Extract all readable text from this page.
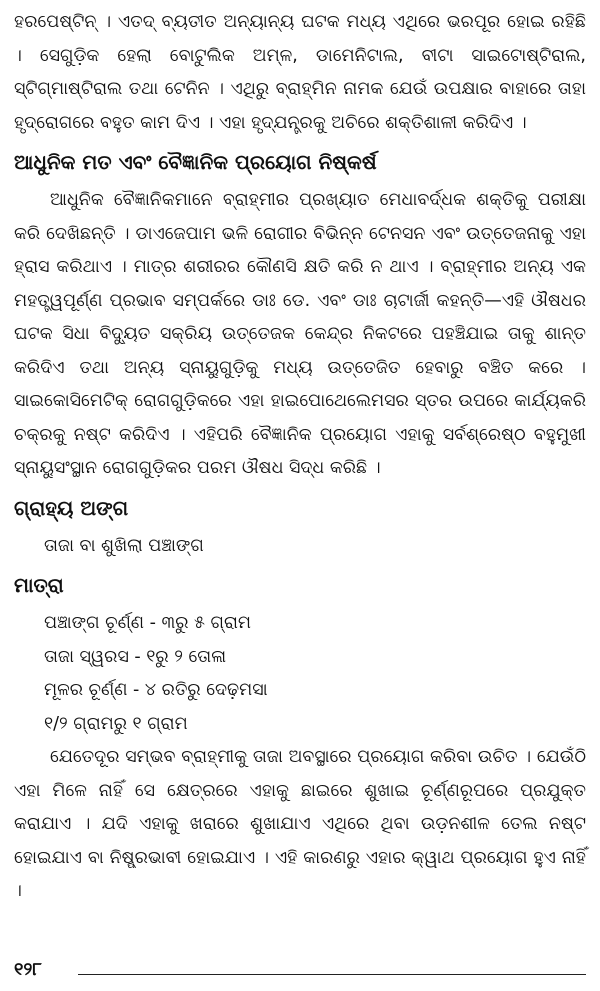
ହରପେଷ୍ଟିନ୍ । ଏତଦ୍ ବ୍ୟତୀତ ଅନ୍ୟାନ୍ୟ ଘଟକ ମଧ୍ୟ ଏଥିରେ ଭରପୂର ହୋଇ ରହିଛି । ସେଗୁଡ଼ିକ ହେଲା ବୋଟୁଲିକ ଅମ୍ଳ, ଡାମେନିଟାଲ, ବୀଟା ସାଇଟୋଷ୍ଟିରାଲ, ସ୍ଟିଗ୍ମାଷ୍ଟିରାଲ ତଥା ଟେନିନ । ଏଥିରୁ ବ୍ରାହ୍ମିନ ନାମକ ଯେଉଁ ଉପକ୍ଷାର ବାହାରେ ତାହା ହୃଦ୍‌ରୋଗରେ ବହୁତ କାମ ଦିଏ । ଏହା ହୃଦ୍‌ଯନ୍ତ୍ରକୁ ଅଚିରେ ଶକ୍ତିଶାଳୀ କରିଦିଏ ।

ଆଧୁନିକ ମତ ଏବଂ ବୈଜ୍ଞାନିକ ପ୍ରୟୋଗ ନିଷ୍କର୍ଷ

ଆଧୁନିକ ବୈଜ୍ଞାନିକମାନେ ବ୍ରାହ୍ମୀର ପ୍ରଖ୍ୟାତ ମେଧାବର୍ଦ୍ଧକ ଶକ୍ତିକୁ ପରୀକ୍ଷା କରି ଦେଖିଛନ୍ତି । ଡାଏଜେପାମ ଭଳି ରୋଗୀର ବିଭିନ୍ନ ଟେନସନ ଏବଂ ଉତ୍ତେଜନାକୁ ଏହା ହ୍ରାସ କରିଥାଏ । ମାତ୍ର ଶରୀରର କୌଣସି କ୍ଷତି କରି ନ ଥାଏ । ବ୍ରାହ୍ମୀର ଅନ୍ୟ ଏକ ମହତ୍ତ୍ୱପୂର୍ଣ୍ଣ ପ୍ରଭାବ ସମ୍ପର୍କରେ ଡାଃ ଡେ. ଏବଂ ଡାଃ ଚାଟାର୍ଜୀ କହନ୍ତି—ଏହି ଔଷଧର ଘଟକ ସିଧା ବିଦ୍ୟୁତ ସକ୍ରିୟ ଉତ୍ତେଜକ କେନ୍ଦ୍ର ନିକଟରେ ପହଞ୍ଚିଯାଇ ତାକୁ ଶାନ୍ତ କରିଦିଏ ତଥା ଅନ୍ୟ ସ୍ନାୟୁଗୁଡ଼ିକୁ ମଧ୍ୟ ଉତ୍ତେଜିତ ହେବାରୁ ବଞ୍ଚିତ କରେ । ସାଇକୋସିମେଟିକ୍ ରୋଗଗୁଡ଼ିକରେ ଏହା ହାଇପୋଥେଲେମସର ସ୍ତର ଉପରେ କାର୍ଯ୍ୟକରି ଚକ୍ରକୁ ନଷ୍ଟ କରିଦିଏ । ଏହିପରି ବୈଜ୍ଞାନିକ ପ୍ରୟୋଗ ଏହାକୁ ସର୍ବଶ୍ରେଷ୍ଠ ବହୁମୁଖୀ ସ୍ନାୟୁସଂସ୍ଥାନ ରୋଗଗୁଡ଼ିକର ପରମ ଔଷଧ ସିଦ୍ଧ କରିଛି ।

ଗ୍ରାହ୍ୟ ଅଙ୍ଗ
ତାଜା ବା ଶୁଖିଲା ପଞ୍ଚାଙ୍ଗ
ମାତ୍ରା
ପଞ୍ଚାଙ୍ଗ ଚୂର୍ଣ୍ଣ - ୩ରୁ ୫ ଗ୍ରାମ
ତାଜା ସ୍ୱରସ - ୧ରୁ ୨ ତୋଳା
ମୂଳର ଚୂର୍ଣ୍ଣ - ୪ ରତିରୁ ଦେଢ଼ମସା
୧/୨ ଗ୍ରାମରୁ ୧ ଗ୍ରାମ

ଯେତେଦୂର ସମ୍ଭବ ବ୍ରାହ୍ମୀକୁ ତାଜା ଅବସ୍ଥାରେ ପ୍ରୟୋଗ କରିବା ଉଚିତ । ଯେଉଁଠି ଏହା ମିଳେ ନାହିଁ ସେ କ୍ଷେତ୍ରରେ ଏହାକୁ ଛାଇରେ ଶୁଖାଇ ଚୂର୍ଣ୍ଣରୂପରେ ପ୍ରଯୁକ୍ତ କରାଯାଏ । ଯଦି ଏହାକୁ ଖରାରେ ଶୁଖାଯାଏ ଏଥିରେ ଥିବା ଉଡ଼ନଶୀଳ ତେଲ ନଷ୍ଟ ହୋଇଯାଏ ବା ନିଷ୍ପ୍ରଭାବୀ ହୋଇଯାଏ । ଏହି କାରଣରୁ ଏହାର କ୍ୱାଥ ପ୍ରୟୋଗ ହୁଏ ନାହିଁ ।

୧୨୮
